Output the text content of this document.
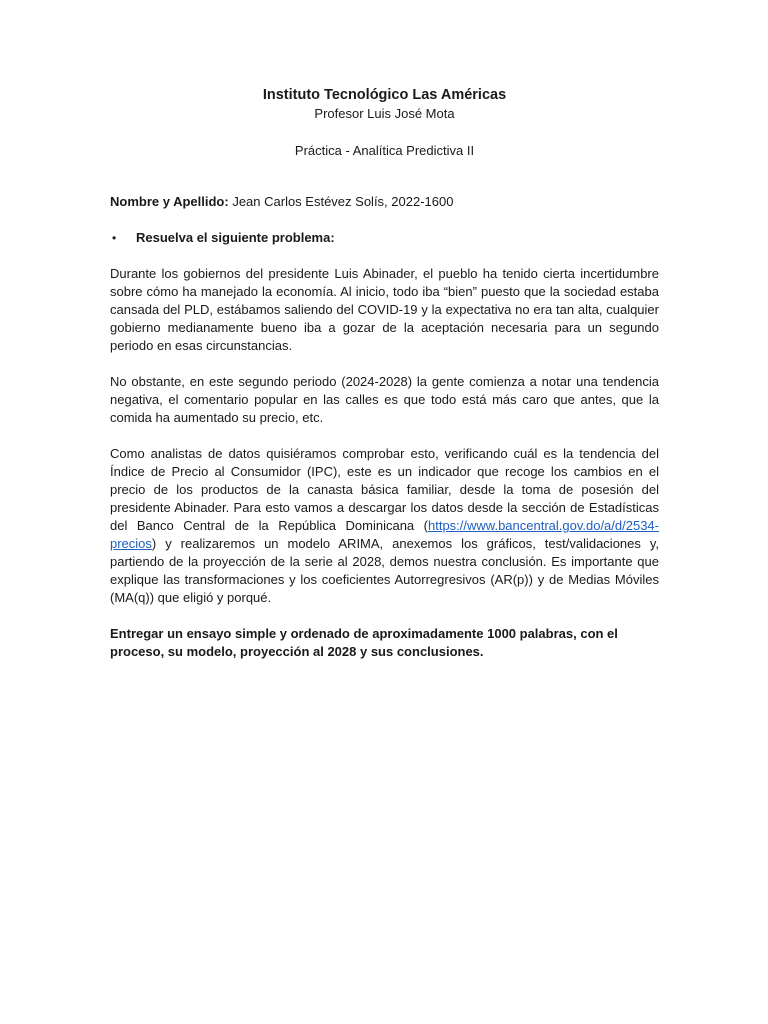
Instituto Tecnológico Las Américas

Profesor Luis José Mota

Práctica - Analítica Predictiva II

Nombre y Apellido: Jean Carlos Estévez Solís, 2022-1600

•	Resuelva el siguiente problema:

Durante los gobiernos del presidente Luis Abinader, el pueblo ha tenido cierta incertidumbre sobre cómo ha manejado la economía. Al inicio, todo iba “bien” puesto que la sociedad estaba cansada del PLD, estábamos saliendo del COVID-19 y la expectativa no era tan alta, cualquier gobierno medianamente bueno iba a gozar de la aceptación necesaria para un segundo periodo en esas circunstancias.

No obstante, en este segundo periodo (2024-2028) la gente comienza a notar una tendencia negativa, el comentario popular en las calles es que todo está más caro que antes, que la comida ha aumentado su precio, etc.

Como analistas de datos quisiéramos comprobar esto, verificando cuál es la tendencia del Índice de Precio al Consumidor (IPC), este es un indicador que recoge los cambios en el precio de los productos de la canasta básica familiar, desde la toma de posesión del presidente Abinader. Para esto vamos a descargar los datos desde la sección de Estadísticas del Banco Central de la República Dominicana (https://www.bancentral.gov.do/a/d/2534-precios) y realizaremos un modelo ARIMA, anexemos los gráficos, test/validaciones y, partiendo de la proyección de la serie al 2028, demos nuestra conclusión. Es importante que explique las transformaciones y los coeficientes Autorregresivos (AR(p)) y de Medias Móviles (MA(q)) que eligió y porqué.

Entregar un ensayo simple y ordenado de aproximadamente 1000 palabras, con el proceso, su modelo, proyección al 2028 y sus conclusiones.
